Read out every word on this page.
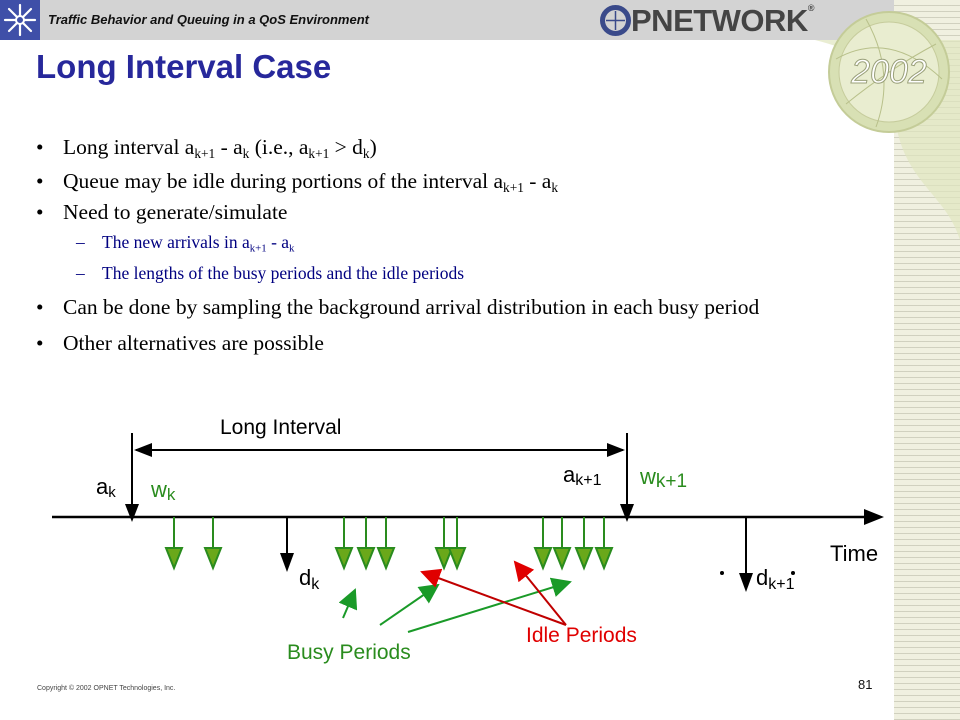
Traffic Behavior and Queuing in a QoS Environment	PNETWORK®
2002
Long Interval Case
• Long interval $a_{k+1} - a_k$ (i.e., $a_{k+1} > d_k$)
• Queue may be idle during portions of the interval $a_{k+1} - a_k$
• Need to generate/simulate
– The new arrivals in $a_{k+1} - a_k$
– The lengths of the busy periods and the idle periods
• Can be done by sampling the background arrival distribution in each busy period
• Other alternatives are possible
Long Interval
ak wk
ak+1 wk+1
dk	dk+1
Time
Busy Periods
Idle Periods
Copyright © 2002 OPNET Technologies, Inc.	81
